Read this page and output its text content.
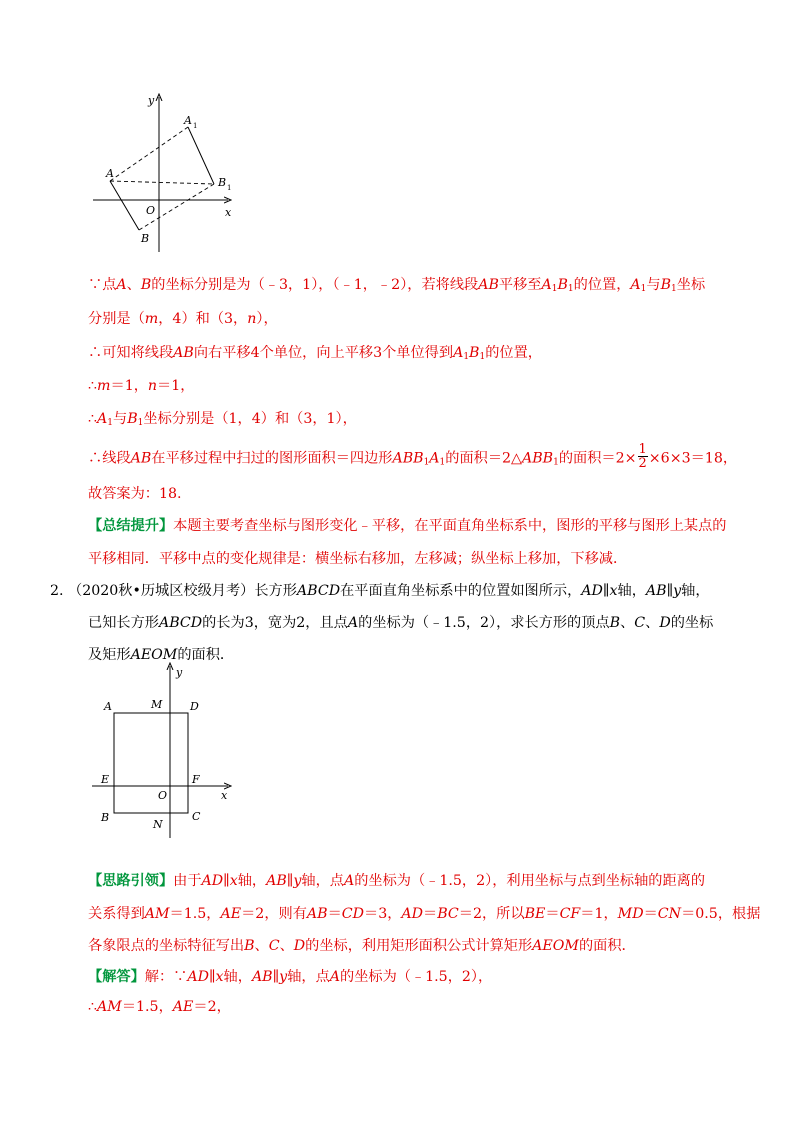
y
x
O
A
B
A 1
B 1
∵点A、B的坐标分别是为（﹣3，1），（﹣1，﹣2），若将线段AB平移至$A_1B_1$的位置，$A_1$与$B_1$坐标
分别是（m，4）和（3，n），
∴可知将线段AB向右平移4个单位，向上平移3个单位得到$A_1B_1$的位置，
∴m＝1，n＝1，
$\therefore A_1$与$B_1$坐标分别是（1，4）和（3，1），
∴线段AB在平移过程中扫过的图形面积＝四边形$ABB_1A_1$的面积$=2\triangle ABB_1$的面积$=2\times \frac{1}{2} \times 6\times 3=18$，
故答案为：18.
【总结提升】本题主要考查坐标与图形变化﹣平移，在平面直角坐标系中，图形的平移与图形上某点的
平移相同．平移中点的变化规律是：横坐标右移加，左移减；纵坐标上移加，下移减．
2. （2020秋•历城区校级月考）长方形ABCD在平面直角坐标系中的位置如图所示，AD∥x轴，AB∥y轴，
已知长方形ABCD的长为3，宽为2，且点A的坐标为（﹣1.5，2），求长方形的顶点B、C、D的坐标
及矩形AEOM的面积．
【思路引领】由于AD∥x轴，AB∥y轴，点A的坐标为（﹣1.5，2），利用坐标与点到坐标轴的距离的
关系得到AM＝1.5，AE＝2，则有AB＝CD＝3，AD＝BC＝2，所以BE＝CF＝1，MD＝CN＝0.5，根据
各象限点的坐标特征写出B、C、D的坐标，利用矩形面积公式计算矩形AEOM的面积．
【解答】解：∵AD∥x轴，AB∥y轴，点A的坐标为（﹣1.5，2），
∴AM＝1.5，AE＝2，
y
x
A	M	D
E	F
O
B
N
C
